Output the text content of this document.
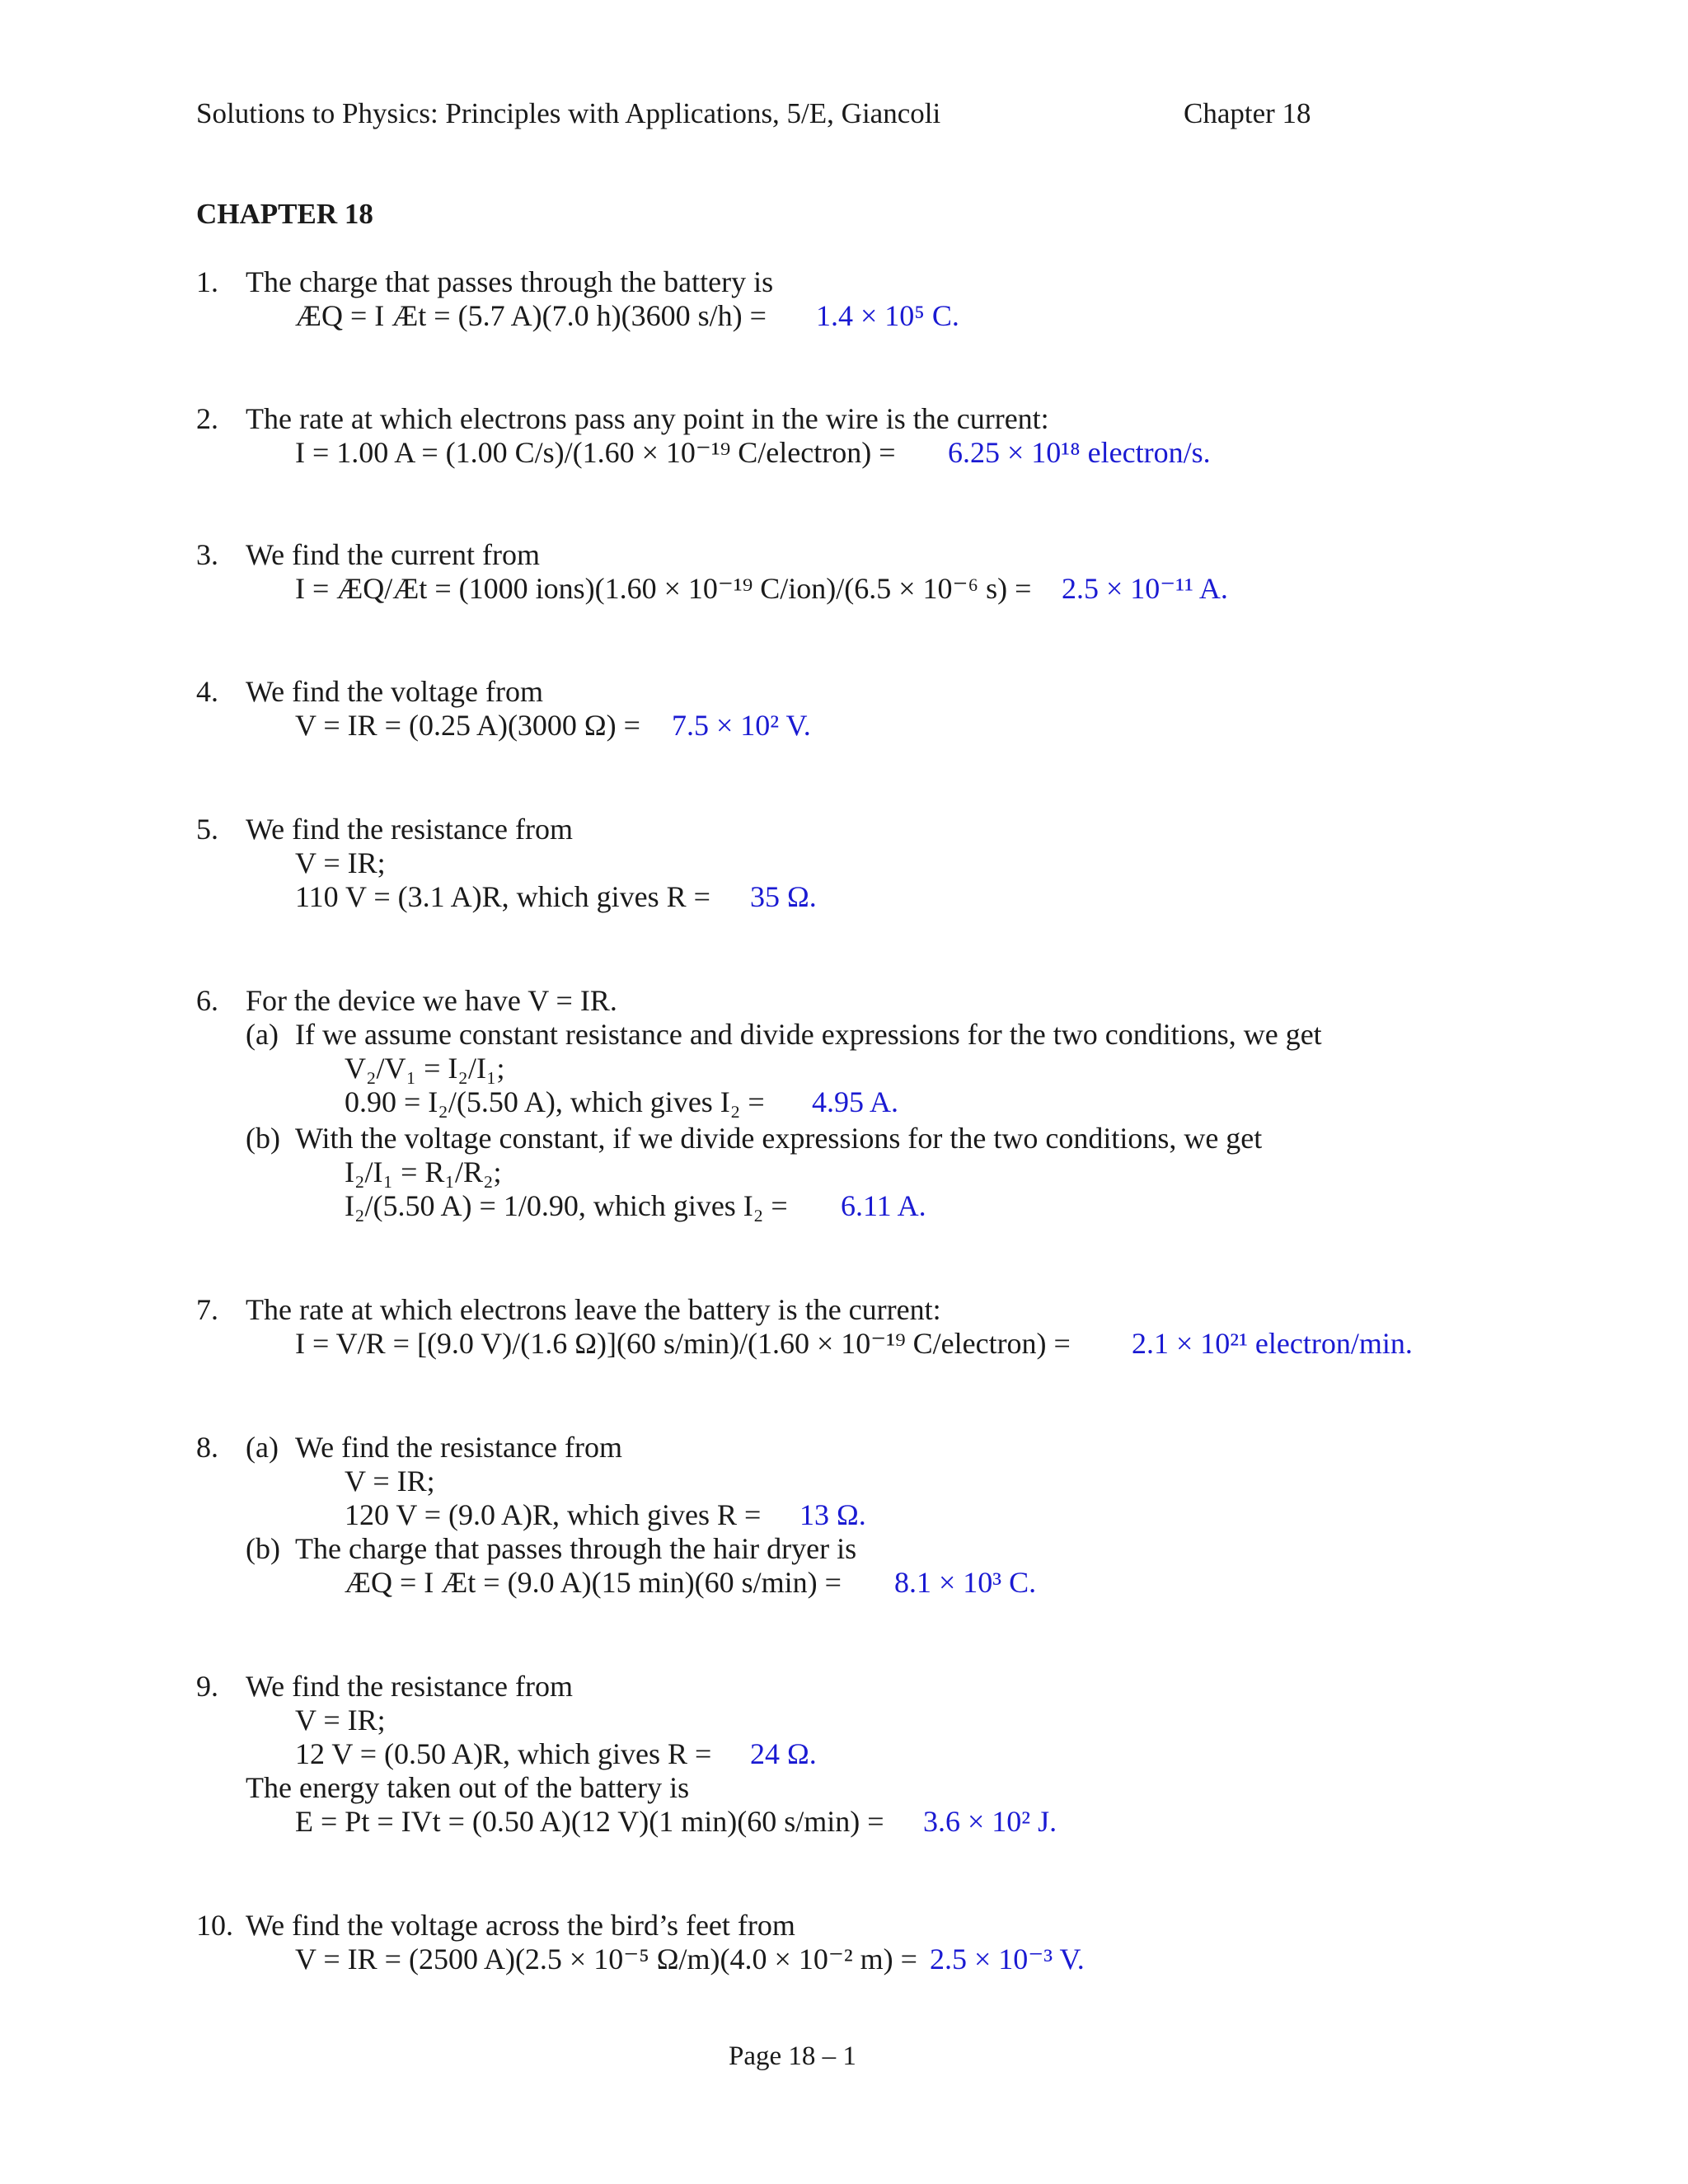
Solutions to Physics: Principles with Applications, 5/E, Giancoli	Chapter 18
CHAPTER 18
1. The charge that passes through the battery is
ÆQ = I Æt = (5.7 A)(7.0 h)(3600 s/h) = 1.4 × 10⁵ C.
2. The rate at which electrons pass any point in the wire is the current:
I = 1.00 A = (1.00 C/s)/(1.60 × 10⁻¹⁹ C/electron) = 6.25 × 10¹⁸ electron/s.
3. We find the current from
I = ÆQ/Æt = (1000 ions)(1.60 × 10⁻¹⁹ C/ion)/(6.5 × 10⁻⁶ s) = 2.5 × 10⁻¹¹ A.
4. We find the voltage from
V = IR = (0.25 A)(3000 Ω) = 7.5 × 10² V.
5. We find the resistance from
V = IR;
110 V = (3.1 A)R, which gives R = 35 Ω.
6. For the device we have V = IR.
(a) If we assume constant resistance and divide expressions for the two conditions, we get
V₂/V₁ = I₂/I₁;
0.90 = I₂/(5.50 A), which gives I₂ = 4.95 A.
(b) With the voltage constant, if we divide expressions for the two conditions, we get
I₂/I₁ = R₁/R₂;
I₂/(5.50 A) = 1/0.90, which gives I₂ = 6.11 A.
7. The rate at which electrons leave the battery is the current:
I = V/R = [(9.0 V)/(1.6 Ω)](60 s/min)/(1.60 × 10⁻¹⁹ C/electron) = 2.1 × 10²¹ electron/min.
8. (a) We find the resistance from
V = IR;
120 V = (9.0 A)R, which gives R = 13 Ω.
(b) The charge that passes through the hair dryer is
ÆQ = I Æt = (9.0 A)(15 min)(60 s/min) = 8.1 × 10³ C.
9. We find the resistance from
V = IR;
12 V = (0.50 A)R, which gives R = 24 Ω.
The energy taken out of the battery is
E = Pt = IVt = (0.50 A)(12 V)(1 min)(60 s/min) = 3.6 × 10² J.
10. We find the voltage across the bird’s feet from
V = IR = (2500 A)(2.5 × 10⁻⁵ Ω/m)(4.0 × 10⁻² m) = 2.5 × 10⁻³ V.
Page 18 – 1
